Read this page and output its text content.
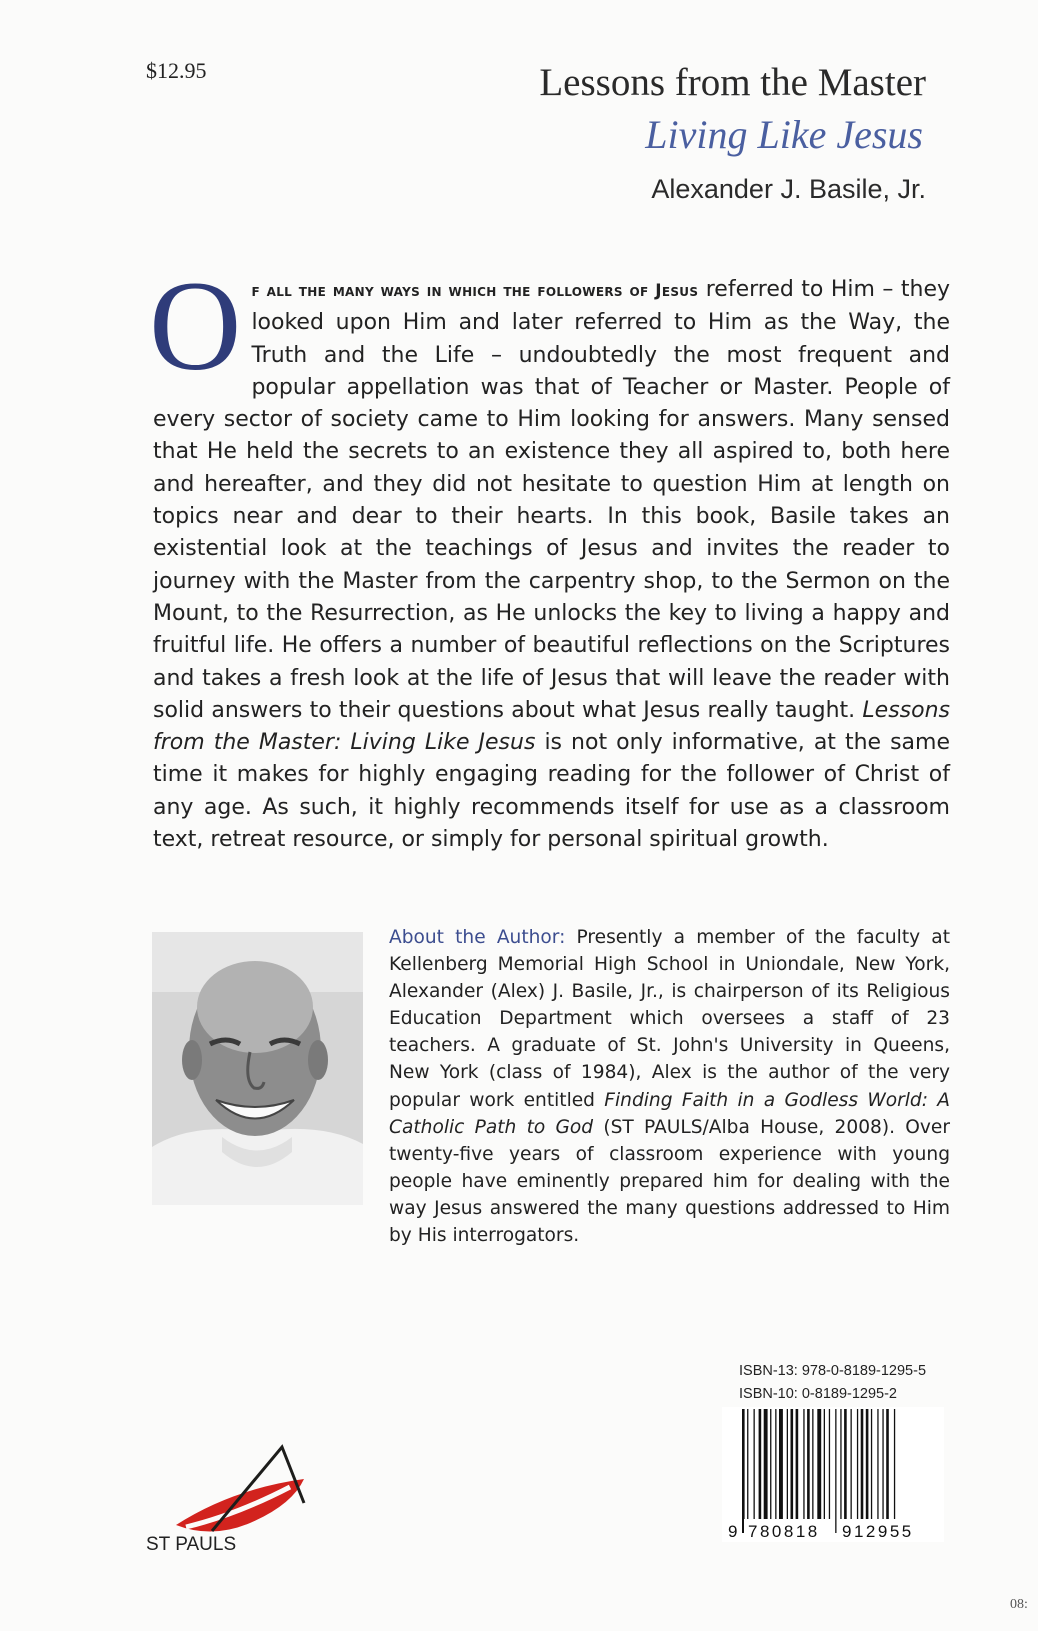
$12.95	Lessons from the Master
Living Like Jesus
Alexander J. Basile, Jr.

Of all the many ways in which the followers of Jesus referred to Him – they looked upon Him and later referred to Him as the Way, the Truth and the Life – undoubtedly the most frequent and popular appellation was that of Teacher or Master. People of every sector of society came to Him looking for answers. Many sensed that He held the secrets to an existence they all aspired to, both here and hereafter, and they did not hesitate to question Him at length on topics near and dear to their hearts. In this book, Basile takes an existential look at the teachings of Jesus and invites the reader to journey with the Master from the carpentry shop, to the Sermon on the Mount, to the Resurrection, as He unlocks the key to living a happy and fruitful life. He offers a number of beautiful reflections on the Scriptures and takes a fresh look at the life of Jesus that will leave the reader with solid answers to their questions about what Jesus really taught. Lessons from the Master: Living Like Jesus is not only informative, at the same time it makes for highly engaging reading for the follower of Christ of any age. As such, it highly recommends itself for use as a classroom text, retreat resource, or simply for personal spiritual growth.

About the Author: Presently a member of the faculty at Kellenberg Memorial High School in Uniondale, New York, Alexander (Alex) J. Basile, Jr., is chairperson of its Religious Education Department which oversees a staff of 23 teachers. A graduate of St. John's University in Queens, New York (class of 1984), Alex is the author of the very popular work entitled Finding Faith in a Godless World: A Catholic Path to God (ST PAULS/Alba House, 2008). Over twenty-five years of classroom experience with young people have eminently prepared him for dealing with the way Jesus answered the many questions addressed to Him by His interrogators.

ISBN-13: 978-0-8189-1295-5
ISBN-10: 0-8189-1295-2
9 780818 912955
ST PAULS
08:
